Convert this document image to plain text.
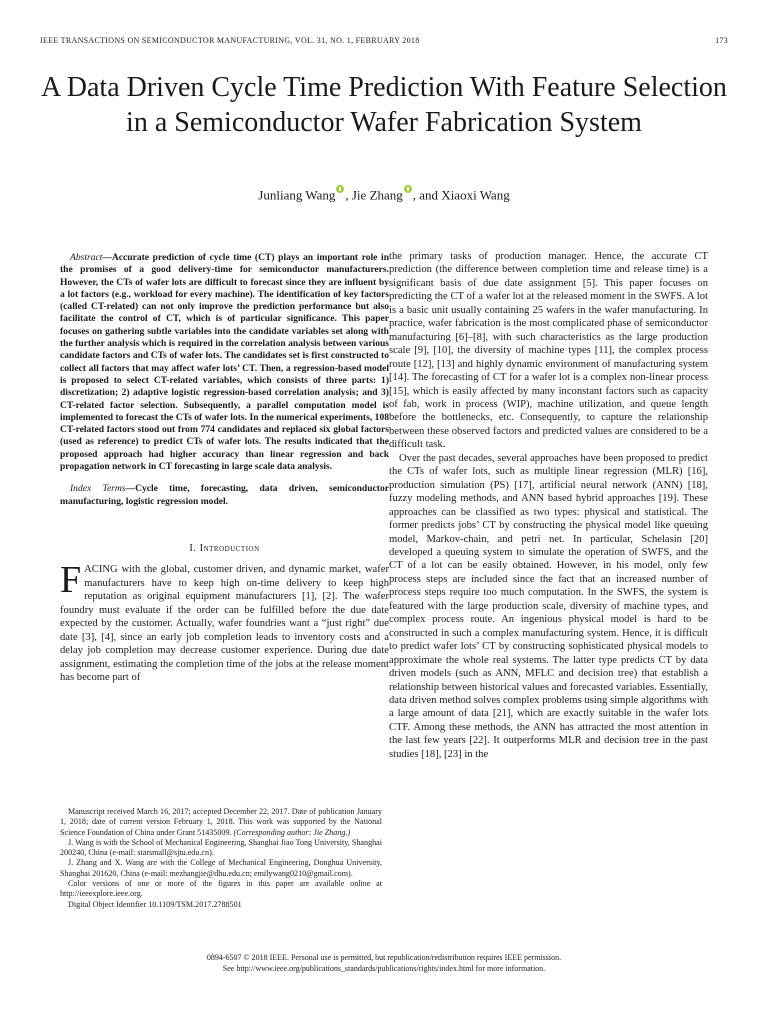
IEEE TRANSACTIONS ON SEMICONDUCTOR MANUFACTURING, VOL. 31, NO. 1, FEBRUARY 2018	173
A Data Driven Cycle Time Prediction With Feature Selection in a Semiconductor Wafer Fabrication System
Junliang Wang , Jie Zhang , and Xiaoxi Wang

Abstract—Accurate prediction of cycle time (CT) plays an important role in the promises of a good delivery-time for semiconductor manufacturers. However, the CTs of wafer lots are difficult to forecast since they are influent by a lot factors (e.g., workload for every machine). The identification of key factors (called CT-related) can not only improve the prediction performance but also facilitate the control of CT, which is of particular significance. This paper focuses on gathering subtle variables into the candidate variables set along with the further analysis which is required in the correlation analysis between various candidate factors and CTs of wafer lots. The candidates set is first constructed to collect all factors that may affect wafer lots’ CT. Then, a regression-based model is proposed to select CT-related variables, which consists of three parts: 1) discretization; 2) adaptive logistic regression-based correlation analysis; and 3) CT-related factor selection. Subsequently, a parallel computation model is implemented to forecast the CTs of wafer lots. In the numerical experiments, 108 CT-related factors stood out from 774 candidates and replaced six global factors (used as reference) to predict CTs of wafer lots. The results indicated that the proposed approach had higher accuracy than linear regression and back propagation network in CT forecasting in large scale data analysis.

Index Terms—Cycle time, forecasting, data driven, semiconductor manufacturing, logistic regression model.

I. Introduction

FACING with the global, customer driven, and dynamic market, wafer manufacturers have to keep high on-time delivery to keep high reputation as original equipment manufacturers [1], [2]. The wafer foundry must evaluate if the order can be fulfilled before the due date expected by the customer. Actually, wafer foundries want a “just right” due date [3], [4], since an early job completion leads to inventory costs and a delay job completion may decrease customer experience. During due date assignment, estimating the completion time of the jobs at the release moment has become part of

the primary tasks of production manager. Hence, the accurate CT prediction (the difference between completion time and release time) is a significant basis of due date assignment [5]. This paper focuses on predicting the CT of a wafer lot at the released moment in the SWFS. A lot is a basic unit usually containing 25 wafers in the wafer manufacturing. In practice, wafer fabrication is the most complicated phase of semiconductor manufacturing [6]–[8], with such characteristics as the large production scale [9], [10], the diversity of machine types [11], the complex process route [12], [13] and highly dynamic environment of manufacturing system [14]. The forecasting of CT for a wafer lot is a complex non-linear process [15], which is easily affected by many inconstant factors such as capacity of fab, work in process (WIP), machine utilization, and queue length before the bottlenecks, etc. Consequently, to capture the relationship between these observed factors and predicted values are considered to be a difficult task.

Over the past decades, several approaches have been proposed to predict the CTs of wafer lots, such as multiple linear regression (MLR) [16], production simulation (PS) [17], artificial neural network (ANN) [18], fuzzy modeling methods, and ANN based hybrid approaches [19]. These approaches can be classified as two types: physical and statistical. The former predicts jobs’ CT by constructing the physical model like queuing model, Markov-chain, and petri net. In particular, Schelasin [20] developed a queuing system to simulate the operation of SWFS, and the CT of a lot can be easily obtained. However, in his model, only few process steps are included since the fact that an increased number of process steps require too much computation. In the SWFS, the system is featured with the large production scale, diversity of machine types, and complex process route. An ingenious physical model is hard to be constructed in such a complex manufacturing system. Hence, it is difficult to predict wafer lots’ CT by constructing sophisticated physical models to approximate the whole real systems. The latter type predicts CT by data driven models (such as ANN, MFLC and decision tree) that establish a relationship between historical values and forecasted variables. Essentially, data driven method solves complex problems using simple algorithms with a large amount of data [21], which are exactly suitable in the wafer lots CTF. Among these methods, the ANN has attracted the most attention in the last few years [22]. It outperforms MLR and decision tree in the past studies [18], [23] in the

Manuscript received March 16, 2017; accepted December 22, 2017. Date of publication January 1, 2018; date of current version February 1, 2018. This work was supported by the National Science Foundation of China under Grant 51435009. (Corresponding author: Jie Zhang.)

J. Wang is with the School of Mechanical Engineering, Shanghai Jiao Tong University, Shanghai 200240, China (e-mail: starsmall@sjtu.edu.cn).

J. Zhang and X. Wang are with the College of Mechanical Engineering, Donghua University, Shanghai 201620, China (e-mail: mezhangjie@dhu.edu.cn; emilywang0210@gmail.com).

Color versions of one or more of the figures in this paper are available online at http://ieeexplore.ieee.org.

Digital Object Identifier 10.1109/TSM.2017.2788501

0894-6507 © 2018 IEEE. Personal use is permitted, but republication/redistribution requires IEEE permission.
See http://www.ieee.org/publications_standards/publications/rights/index.html for more information.
